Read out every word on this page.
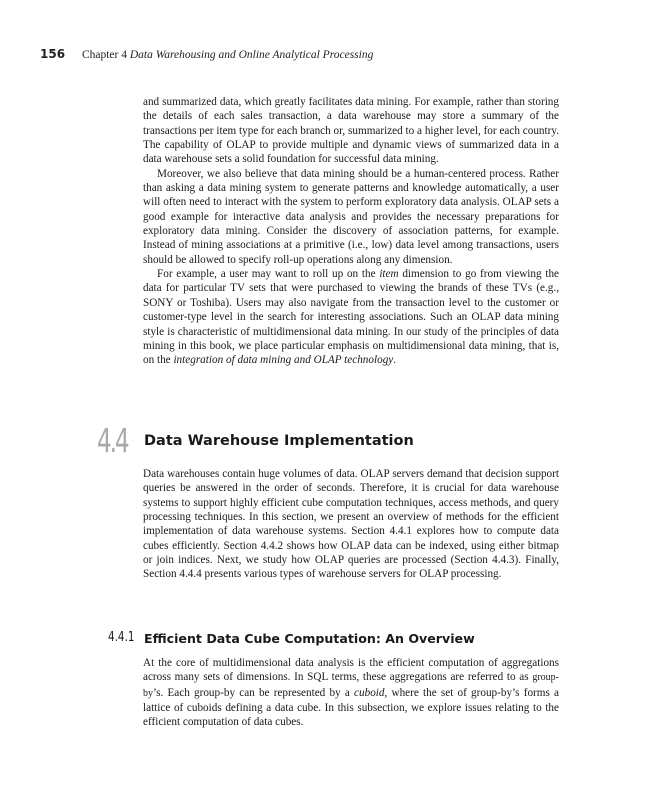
156 Chapter 4 Data Warehousing and Online Analytical Processing

and summarized data, which greatly facilitates data mining. For example, rather than storing the details of each sales transaction, a data warehouse may store a summary of the transactions per item type for each branch or, summarized to a higher level, for each country. The capability of OLAP to provide multiple and dynamic views of summarized data in a data warehouse sets a solid foundation for successful data mining.

Moreover, we also believe that data mining should be a human-centered process. Rather than asking a data mining system to generate patterns and knowledge automatically, a user will often need to interact with the system to perform exploratory data analysis. OLAP sets a good example for interactive data analysis and provides the necessary preparations for exploratory data mining. Consider the discovery of association patterns, for example. Instead of mining associations at a primitive (i.e., low) data level among transactions, users should be allowed to specify roll-up operations along any dimension.

For example, a user may want to roll up on the item dimension to go from viewing the data for particular TV sets that were purchased to viewing the brands of these TVs (e.g., SONY or Toshiba). Users may also navigate from the transaction level to the customer or customer-type level in the search for interesting associations. Such an OLAP data mining style is characteristic of multidimensional data mining. In our study of the principles of data mining in this book, we place particular emphasis on multidimensional data mining, that is, on the integration of data mining and OLAP technology.

4.4 Data Warehouse Implementation

Data warehouses contain huge volumes of data. OLAP servers demand that decision support queries be answered in the order of seconds. Therefore, it is crucial for data warehouse systems to support highly efficient cube computation techniques, access methods, and query processing techniques. In this section, we present an overview of methods for the efficient implementation of data warehouse systems. Section 4.4.1 explores how to compute data cubes efficiently. Section 4.4.2 shows how OLAP data can be indexed, using either bitmap or join indices. Next, we study how OLAP queries are processed (Section 4.4.3). Finally, Section 4.4.4 presents various types of warehouse servers for OLAP processing.

4.4.1 Efficient Data Cube Computation: An Overview

At the core of multidimensional data analysis is the efficient computation of aggregations across many sets of dimensions. In SQL terms, these aggregations are referred to as group-by’s. Each group-by can be represented by a cuboid, where the set of group-by’s forms a lattice of cuboids defining a data cube. In this subsection, we explore issues relating to the efficient computation of data cubes.
